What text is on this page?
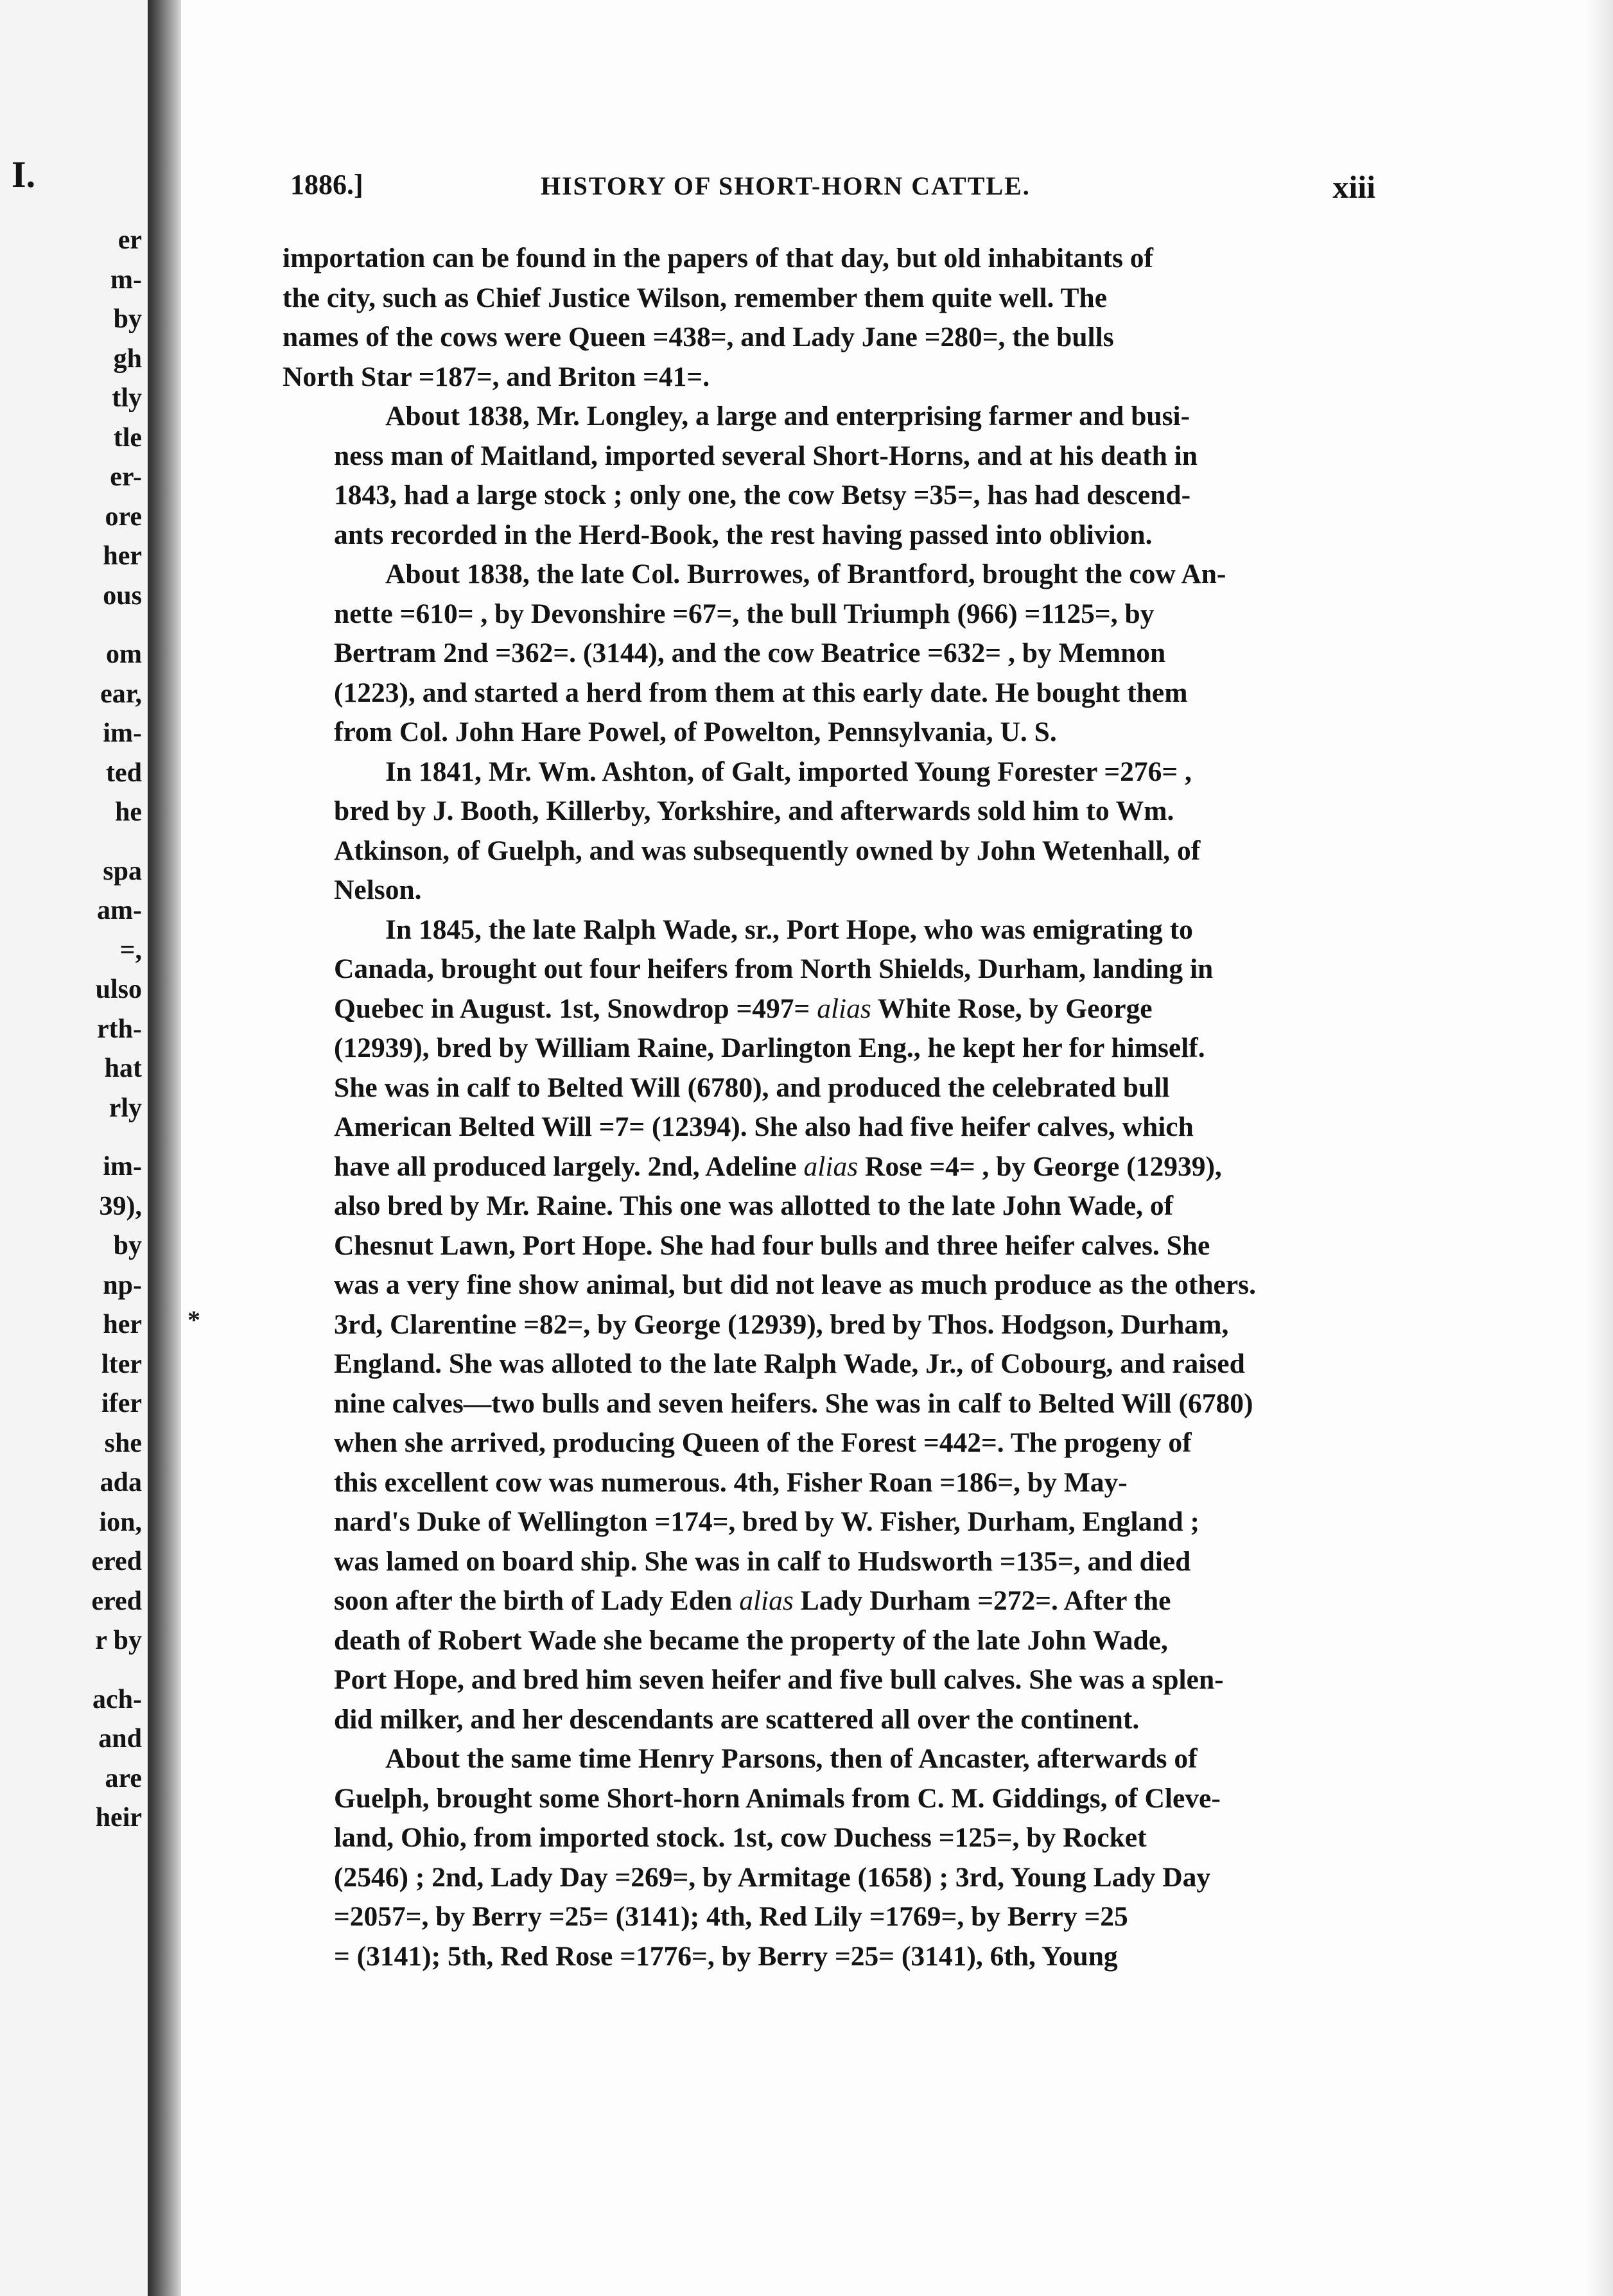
I.
er
m-
by
gh
tly
tle
er-
ore
her
ous
om
ear,
im-
ted
he
spa
am-
=,
ulso
rth-
hat
rly
im-
39),
by
np-
her
lter
ifer
she
ada
ion,
ered
ered
r by
ach-
and
are
heir
1886.]	HISTORY OF SHORT-HORN CATTLE.	xiii
importation can be found in the papers of that day, but old inhabitants of
the city, such as Chief Justice Wilson, remember them quite well. The
names of the cows were Queen =438=, and Lady Jane =280=, the bulls
North Star =187=, and Briton =41=.
About 1838, Mr. Longley, a large and enterprising farmer and busi-
ness man of Maitland, imported several Short-Horns, and at his death in
1843, had a large stock ; only one, the cow Betsy =35=, has had descend-
ants recorded in the Herd-Book, the rest having passed into oblivion.
About 1838, the late Col. Burrowes, of Brantford, brought the cow An-
nette =610= , by Devonshire =67=, the bull Triumph (966) =1125=, by
Bertram 2nd =362=. (3144), and the cow Beatrice =632= , by Memnon
(1223), and started a herd from them at this early date. He bought them
from Col. John Hare Powel, of Powelton, Pennsylvania, U. S.
In 1841, Mr. Wm. Ashton, of Galt, imported Young Forester =276= ,
bred by J. Booth, Killerby, Yorkshire, and afterwards sold him to Wm.
Atkinson, of Guelph, and was subsequently owned by John Wetenhall, of
Nelson.
In 1845, the late Ralph Wade, sr., Port Hope, who was emigrating to
Canada, brought out four heifers from North Shields, Durham, landing in
Quebec in August. 1st, Snowdrop =497= alias White Rose, by George
(12939), bred by William Raine, Darlington Eng., he kept her for himself.
She was in calf to Belted Will (6780), and produced the celebrated bull
American Belted Will =7= (12394). She also had five heifer calves, which
have all produced largely. 2nd, Adeline alias Rose =4= , by George (12939),
also bred by Mr. Raine. This one was allotted to the late John Wade, of
Chesnut Lawn, Port Hope. She had four bulls and three heifer calves. She
was a very fine show animal, but did not leave as much produce as the others.
3rd, Clarentine =82=, by George (12939), bred by Thos. Hodgson, Durham,
England. She was alloted to the late Ralph Wade, Jr., of Cobourg, and raised
nine calves—two bulls and seven heifers. She was in calf to Belted Will (6780)
when she arrived, producing Queen of the Forest =442=. The progeny of
this excellent cow was numerous. 4th, Fisher Roan =186=, by May-
nard's Duke of Wellington =174=, bred by W. Fisher, Durham, England ;
was lamed on board ship. She was in calf to Hudsworth =135=, and died
soon after the birth of Lady Eden alias Lady Durham =272=. After the
death of Robert Wade she became the property of the late John Wade,
Port Hope, and bred him seven heifer and five bull calves. She was a splen-
did milker, and her descendants are scattered all over the continent.
About the same time Henry Parsons, then of Ancaster, afterwards of
Guelph, brought some Short-horn Animals from C. M. Giddings, of Cleve-
land, Ohio, from imported stock. 1st, cow Duchess =125=, by Rocket
(2546) ; 2nd, Lady Day =269=, by Armitage (1658) ; 3rd, Young Lady Day
=2057=, by Berry =25= (3141); 4th, Red Lily =1769=, by Berry =25
= (3141); 5th, Red Rose =1776=, by Berry =25= (3141), 6th, Young
*
